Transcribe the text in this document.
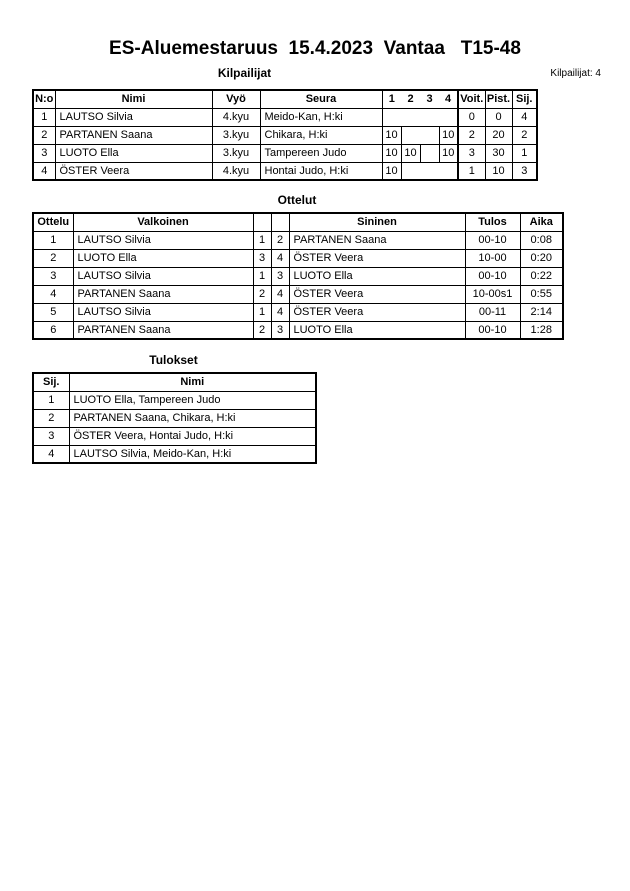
ES-Aluemestaruus  15.4.2023  Vantaa   T15-48
Kilpailijat: 4
Kilpailijat
N:o	Nimi	Vyö	Seura	1	2	3	4	Voit.	Pist.	Sij.
1	LAUTSO Silvia	4.kyu	Meido-Kan, H:ki					0	0	4
2	PARTANEN Saana	3.kyu	Chikara, H:ki	10			10	2	20	2
3	LUOTO Ella	3.kyu	Tampereen Judo	10	10		10	3	30	1
4	ÖSTER Veera	4.kyu	Hontai Judo, H:ki	10				1	10	3
Ottelut
Ottelu	Valkoinen			Sininen	Tulos	Aika
1	LAUTSO Silvia	1	2	PARTANEN Saana	00-10	0:08
2	LUOTO Ella	3	4	ÖSTER Veera	10-00	0:20
3	LAUTSO Silvia	1	3	LUOTO Ella	00-10	0:22
4	PARTANEN Saana	2	4	ÖSTER Veera	10-00s1	0:55
5	LAUTSO Silvia	1	4	ÖSTER Veera	00-11	2:14
6	PARTANEN Saana	2	3	LUOTO Ella	00-10	1:28
Tulokset
Sij.	Nimi
1	LUOTO Ella, Tampereen Judo
2	PARTANEN Saana, Chikara, H:ki
3	ÖSTER Veera, Hontai Judo, H:ki
4	LAUTSO Silvia, Meido-Kan, H:ki
